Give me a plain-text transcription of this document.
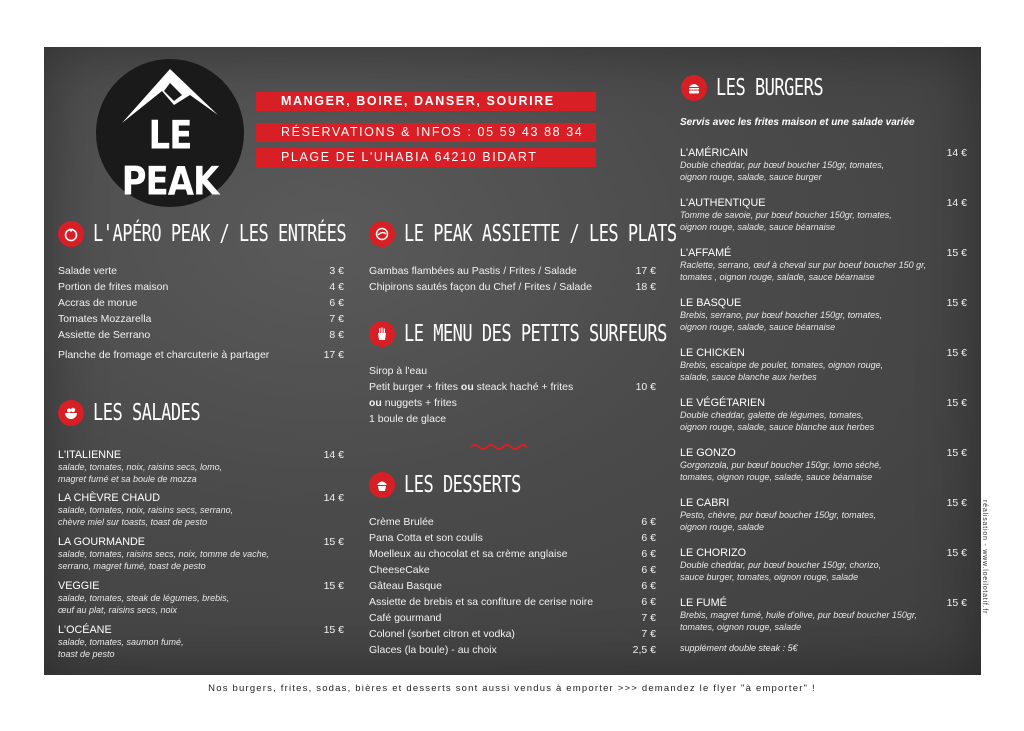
LE PEAK
MANGER, BOIRE, DANSER, SOURIRE
RÉSERVATIONS & INFOS : 05 59 43 88 34
PLAGE DE L'UHABIA 64210 BIDART
L'APÉRO PEAK / LES ENTRÉES
Salade verte	3 €
Portion de frites maison	4 €
Accras de morue	6 €
Tomates Mozzarella	7 €
Assiette de Serrano	8 €
Planche de fromage et charcuterie à partager	17 €
LES SALADES
L'ITALIENNE	14 €
salade, tomates, noix, raisins secs, lomo,
magret fumé et sa boule de mozza
LA CHÈVRE CHAUD	14 €
salade, tomates, noix, raisins secs, serrano,
chèvre miel sur toasts, toast de pesto
LA GOURMANDE	15 €
salade, tomates, raisins secs, noix, tomme de vache,
serrano, magret fumé, toast de pesto
VEGGIE	15 €
salade, tomates, steak de légumes, brebis,
œuf au plat, raisins secs, noix
L'OCÉANE	15 €
salade, tomates, saumon fumé,
toast de pesto
LE PEAK ASSIETTE / LES PLATS
Gambas flambées au Pastis / Frites / Salade	17 €
Chipirons sautés façon du Chef / Frites / Salade	18 €
LE MENU DES PETITS SURFEURS
Sirop à l'eau
Petit burger + frites ou steack haché + frites	10 €
ou nuggets + frites
1 boule de glace
LES DESSERTS
Crème Bruléе	6 €
Pana Cotta et son coulis	6 €
Moelleux au chocolat et sa crème anglaise	6 €
CheeseCake	6 €
Gâteau Basque	6 €
Assiette de brebis et sa confiture de cerise noire	6 €
Café gourmand	7 €
Colonel (sorbet citron et vodka)	7 €
Glaces (la boule) - au choix	2,5 €
LES BURGERS
Servis avec les frites maison et une salade variée
L'AMÉRICAIN	14 €
Double cheddar, pur bœuf boucher 150gr, tomates,
oignon rouge, salade, sauce burger
L'AUTHENTIQUE	14 €
Tomme de savoie, pur bœuf boucher 150gr, tomates,
oignon rouge, salade, sauce béarnaise
L'AFFAMÉ	15 €
Raclette, serrano, œuf à cheval sur pur boeuf boucher 150 gr,
tomates , oignon rouge, salade, sauce béarnaise
LE BASQUE	15 €
Brebis, serrano, pur bœuf boucher 150gr, tomates,
oignon rouge, salade, sauce béarnaise
LE CHICKEN	15 €
Brebis, escalope de poulet, tomates, oignon rouge,
salade, sauce blanche aux herbes
LE VÉGÉTARIEN	15 €
Double cheddar, galette de légumes, tomates,
oignon rouge, salade, sauce blanche aux herbes
LE GONZO	15 €
Gorgonzola, pur bœuf boucher 150gr, lomo séché,
tomates, oignon rouge, salade, sauce béarnaise
LE CABRI	15 €
Pesto, chèvre, pur bœuf boucher 150gr, tomates,
oignon rouge, salade
LE CHORIZO	15 €
Double cheddar, pur bœuf boucher 150gr, chorizo,
sauce burger, tomates, oignon rouge, salade
LE FUMÉ	15 €
Brebis, magret fumé, huile d'olive, pur bœuf boucher 150gr,
tomates, oignon rouge, salade
supplément double steak : 5€
Nos burgers, frites, sodas, bières et desserts sont aussi vendus à emporter >>> demandez le flyer "à emporter" !
réalisation - www.loeilotatif.fr
